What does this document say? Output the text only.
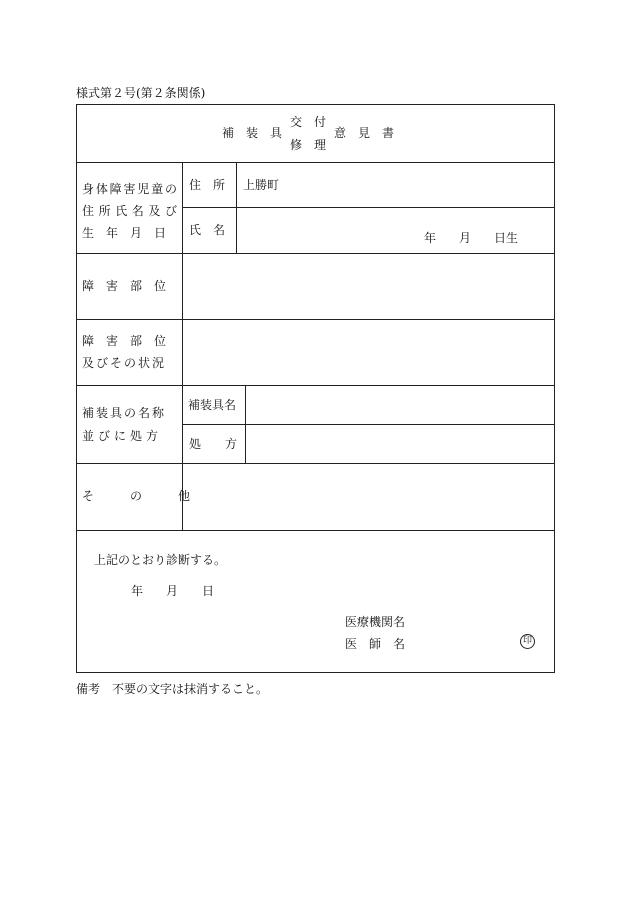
様式第２号(第２条関係)
補　装　具
交　付
修　理
意　見　書
身 体 障 害 児 童 の
住 所 氏 名 及 び
生　年　月　日
住　所 上勝町
氏　名
年 月 日生
障　害　部　位
障　害　部　位
及びその状況
補装具の名称
並びに処方
補装具名
処　　方
そ　の　他
上記のとおり診断する。
年 月 日
医療機関名
医　師　名	印
備考　不要の文字は抹消すること。
